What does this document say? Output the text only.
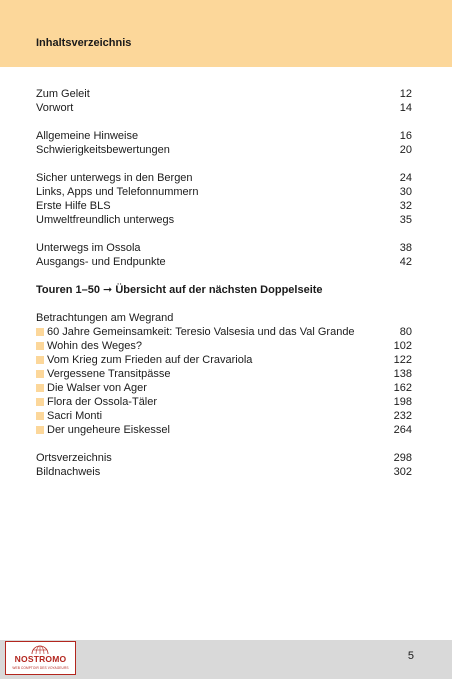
Inhaltsverzeichnis
Zum Geleit	12
Vorwort	14
Allgemeine Hinweise	16
Schwierigkeitsbewertungen	20
Sicher unterwegs in den Bergen	24
Links, Apps und Telefonnummern	30
Erste Hilfe BLS	32
Umweltfreundlich unterwegs	35
Unterwegs im Ossola	38
Ausgangs- und Endpunkte	42
Touren 1–50 ➞ Übersicht auf der nächsten Doppelseite
Betrachtungen am Wegrand
60 Jahre Gemeinsamkeit: Teresio Valsesia und das Val Grande	80
Wohin des Weges?	102
Vom Krieg zum Frieden auf der Cravariola	122
Vergessene Transitpässe	138
Die Walser von Ager	162
Flora der Ossola-Täler	198
Sacri Monti	232
Der ungeheure Eiskessel	264
Ortsverzeichnis	298
Bildnachweis	302
5
NOSTROMO
WEB COMPTOIR DES VOYAGEURS
